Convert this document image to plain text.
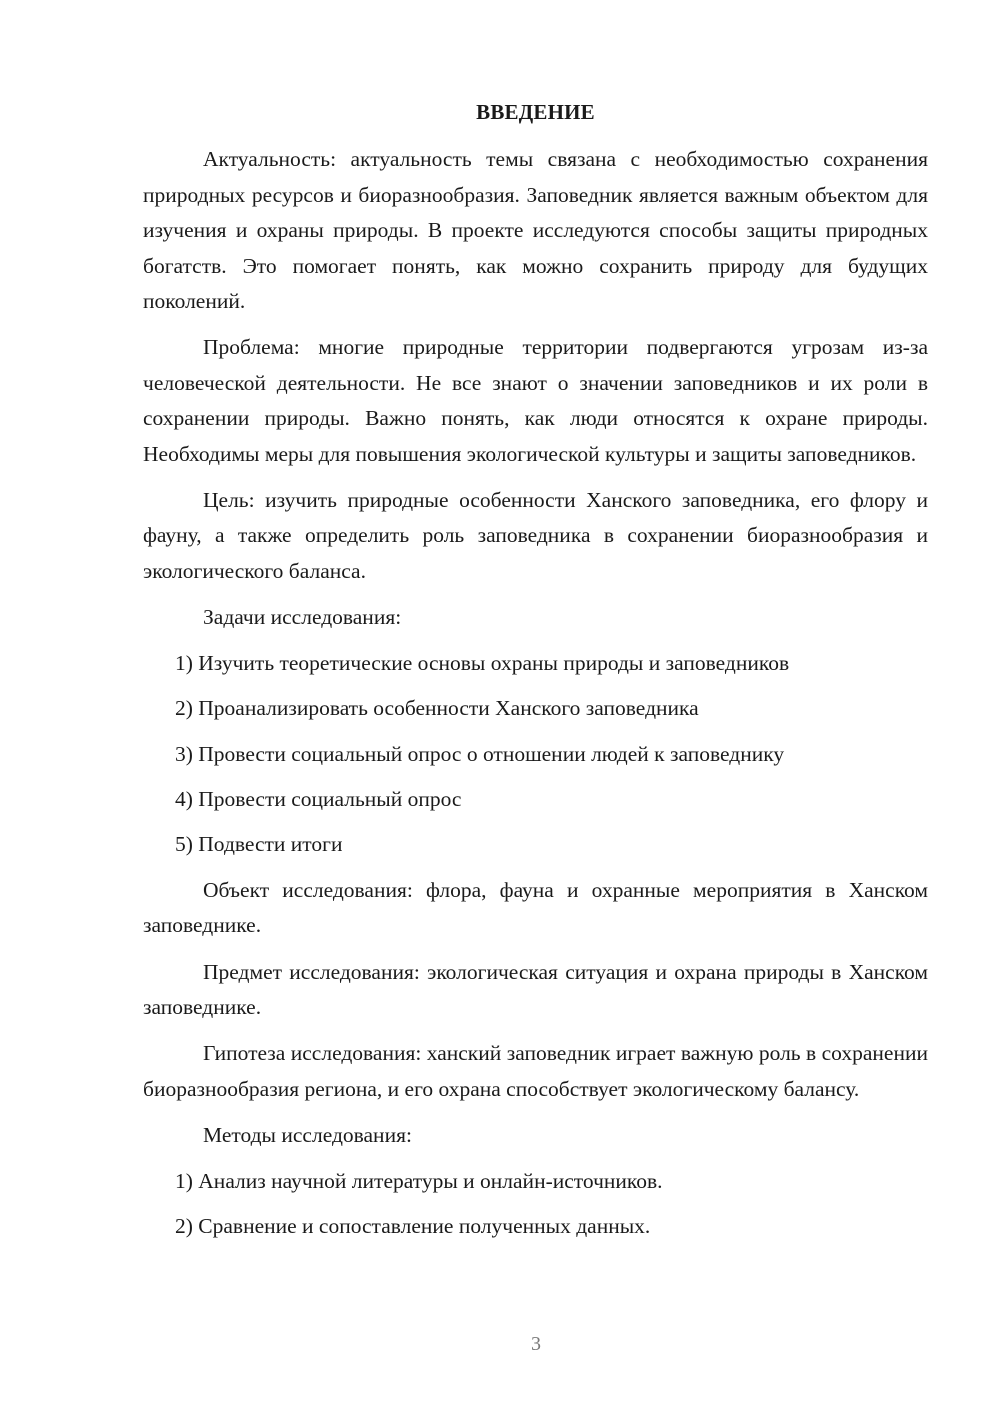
ВВЕДЕНИЕ

Актуальность: актуальность темы связана с необходимостью сохранения природных ресурсов и биоразнообразия. Заповедник является важным объектом для изучения и охраны природы. В проекте исследуются способы защиты природных богатств. Это помогает понять, как можно сохранить природу для будущих поколений.

Проблема: многие природные территории подвергаются угрозам из-за человеческой деятельности. Не все знают о значении заповедников и их роли в сохранении природы. Важно понять, как люди относятся к охране природы. Необходимы меры для повышения экологической культуры и защиты заповедников.

Цель: изучить природные особенности Ханского заповедника, его флору и фауну, а также определить роль заповедника в сохранении биоразнообразия и экологического баланса.

Задачи исследования:
1) Изучить теоретические основы охраны природы и заповедников
2) Проанализировать особенности Ханского заповедника
3) Провести социальный опрос о отношении людей к заповеднику
4) Провести социальный опрос
5) Подвести итоги

Объект исследования: флора, фауна и охранные мероприятия в Ханском заповеднике.

Предмет исследования: экологическая ситуация и охрана природы в Ханском заповеднике.

Гипотеза исследования: ханский заповедник играет важную роль в сохранении биоразнообразия региона, и его охрана способствует экологическому балансу.

Методы исследования:
1) Анализ научной литературы и онлайн-источников.
2) Сравнение и сопоставление полученных данных.
3
